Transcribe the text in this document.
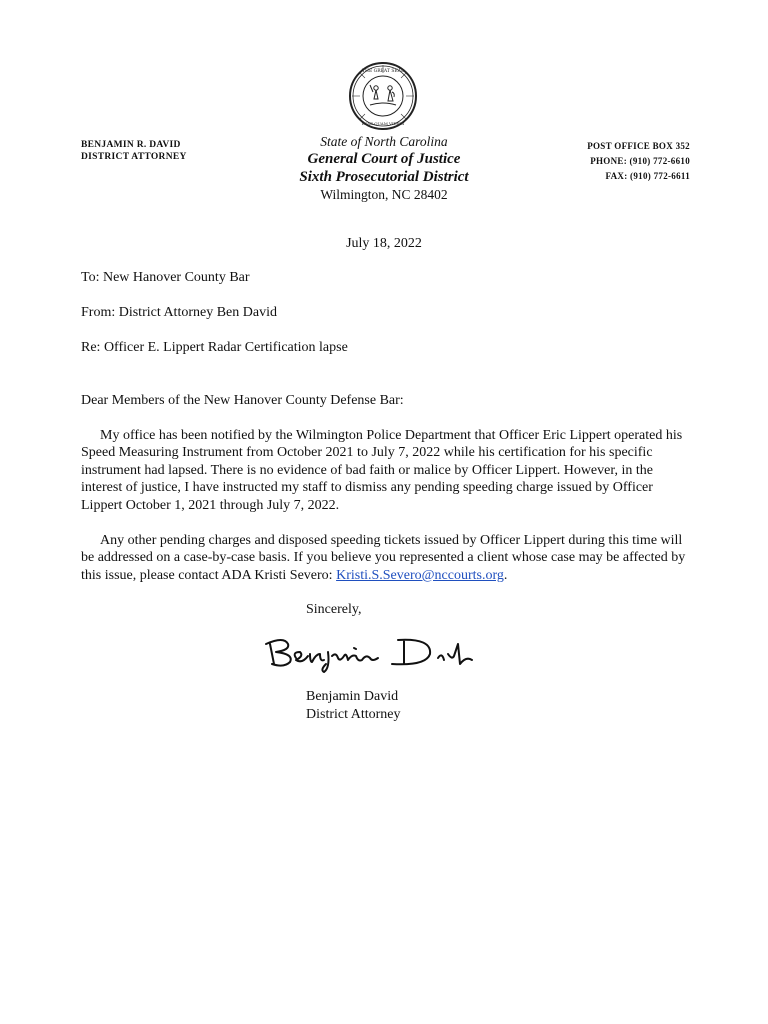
THE GREAT SEAL
ESSE QUAM VIDERI
BENJAMIN R. DAVID
DISTRICT ATTORNEY
State of North Carolina
General Court of Justice
Sixth Prosecutorial District
Wilmington, NC 28402
POST OFFICE BOX 352
PHONE: (910) 772-6610
FAX: (910) 772-6611
July 18, 2022
To: New Hanover County Bar
From: District Attorney Ben David
Re: Officer E. Lippert Radar Certification lapse
Dear Members of the New Hanover County Defense Bar:
My office has been notified by the Wilmington Police Department that Officer Eric Lippert operated his Speed Measuring Instrument from October 2021 to July 7, 2022 while his certification for his specific instrument had lapsed. There is no evidence of bad faith or malice by Officer Lippert. However, in the interest of justice, I have instructed my staff to dismiss any pending speeding charge issued by Officer Lippert October 1, 2021 through July 7, 2022.
Any other pending charges and disposed speeding tickets issued by Officer Lippert during this time will be addressed on a case-by-case basis. If you believe you represented a client whose case may be affected by this issue, please contact ADA Kristi Severo: Kristi.S.Severo@nccourts.org.
Sincerely,
Benjamin David
District Attorney
